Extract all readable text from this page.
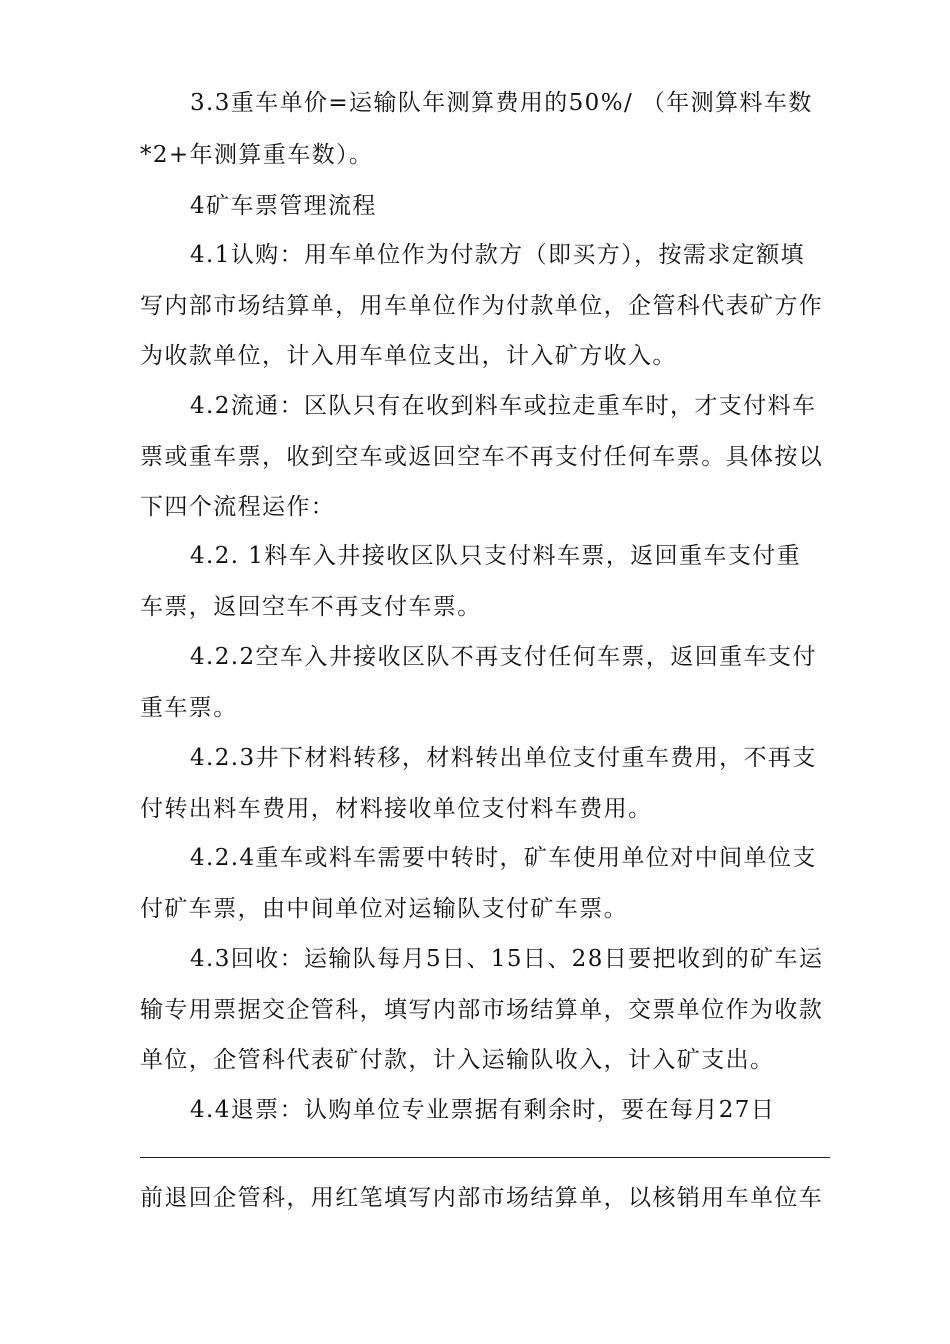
3.3重车单价=运输队年测算费用的50%/ （年测算料车数
*2+年测算重车数）。
4矿车票管理流程
4.1认购：用车单位作为付款方（即买方），按需求定额填
写内部市场结算单，用车单位作为付款单位，企管科代表矿方作
为收款单位，计入用车单位支出，计入矿方收入。
4.2流通：区队只有在收到料车或拉走重车时，才支付料车
票或重车票，收到空车或返回空车不再支付任何车票。具体按以
下四个流程运作：
4.2. 1料车入井接收区队只支付料车票，返回重车支付重
车票，返回空车不再支付车票。
4.2.2空车入井接收区队不再支付任何车票，返回重车支付
重车票。
4.2.3井下材料转移，材料转出单位支付重车费用，不再支
付转出料车费用，材料接收单位支付料车费用。
4.2.4重车或料车需要中转时，矿车使用单位对中间单位支
付矿车票，由中间单位对运输队支付矿车票。
4.3回收：运输队每月5日、15日、28日要把收到的矿车运
输专用票据交企管科，填写内部市场结算单，交票单位作为收款
单位，企管科代表矿付款，计入运输队收入，计入矿支出。
4.4退票：认购单位专业票据有剩余时，要在每月27日
前退回企管科，用红笔填写内部市场结算单，以核销用车单位车
